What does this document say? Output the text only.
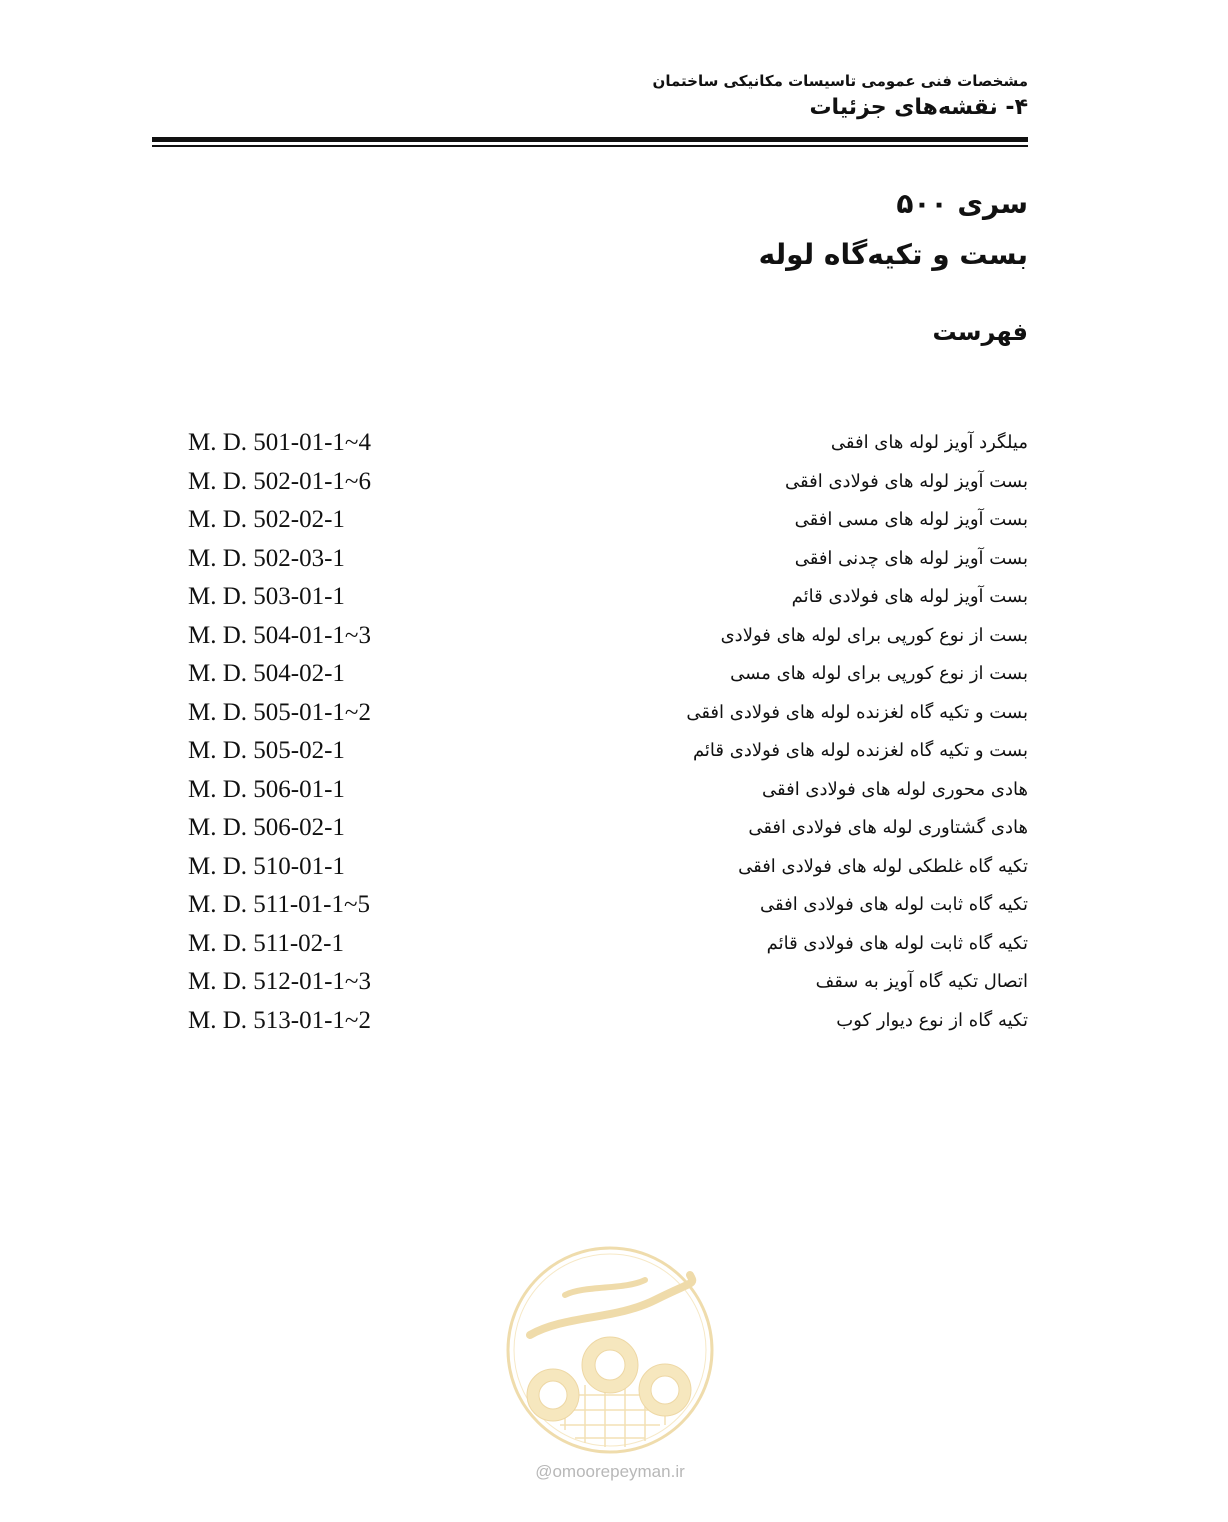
مشخصات فنی عمومی تاسیسات مکانیکی ساختمان
۴- نقشه‌های جزئیات
سری ۵۰۰
بست و تکیه‌گاه لوله
فهرست
M. D. 501-01-1~4	میلگرد آویز لوله های افقی
M. D. 502-01-1~6	بست آویز لوله های فولادی افقی
M. D. 502-02-1	بست آویز لوله های مسی افقی
M. D. 502-03-1	بست آویز لوله های چدنی افقی
M. D. 503-01-1	بست آویز لوله های فولادی قائم
M. D. 504-01-1~3	بست از نوع کورپی برای لوله های فولادی
M. D. 504-02-1	بست از نوع کورپی برای لوله های مسی
M. D. 505-01-1~2	بست و تکیه گاه لغزنده لوله های فولادی افقی
M. D. 505-02-1	بست و تکیه گاه لغزنده لوله های فولادی قائم
M. D. 506-01-1	هادی محوری لوله های فولادی افقی
M. D. 506-02-1	هادی گشتاوری لوله های فولادی افقی
M. D. 510-01-1	تکیه گاه غلطکی لوله های فولادی افقی
M. D. 511-01-1~5	تکیه گاه ثابت لوله های فولادی افقی
M. D. 511-02-1	تکیه گاه ثابت لوله های فولادی قائم
M. D. 512-01-1~3	اتصال تکیه گاه آویز به سقف
M. D. 513-01-1~2	تکیه گاه از نوع دیوار کوب
@omoorepeyman.ir
